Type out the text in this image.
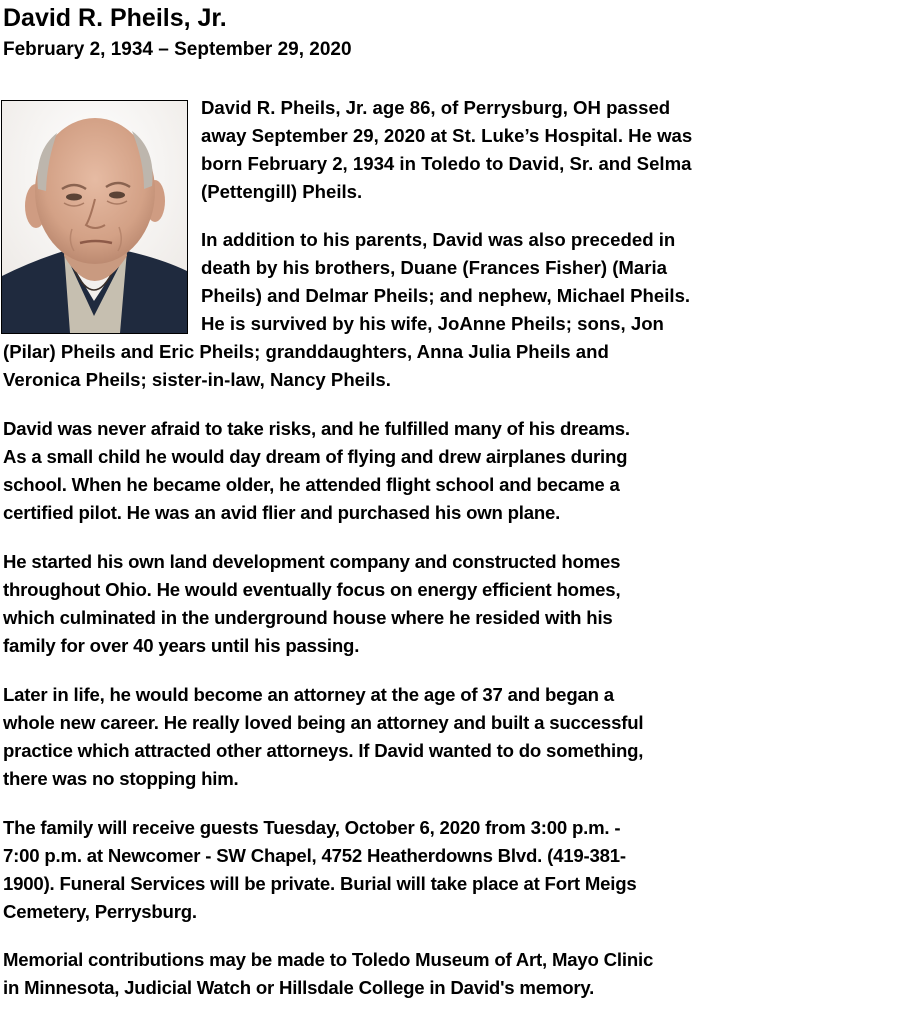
David R. Pheils, Jr.
February 2, 1934 – September 29, 2020

David R. Pheils, Jr. age 86, of Perrysburg, OH passed
away September 29, 2020 at St. Luke’s Hospital. He was
born February 2, 1934 in Toledo to David, Sr. and Selma
(Pettengill) Pheils.

In addition to his parents, David was also preceded in
death by his brothers, Duane (Frances Fisher) (Maria
Pheils) and Delmar Pheils; and nephew, Michael Pheils.
He is survived by his wife, JoAnne Pheils; sons, Jon
(Pilar) Pheils and Eric Pheils; granddaughters, Anna Julia Pheils and
Veronica Pheils; sister-in-law, Nancy Pheils.

David was never afraid to take risks, and he fulfilled many of his dreams.
As a small child he would day dream of flying and drew airplanes during
school. When he became older, he attended flight school and became a
certified pilot. He was an avid flier and purchased his own plane.

He started his own land development company and constructed homes
throughout Ohio. He would eventually focus on energy efficient homes,
which culminated in the underground house where he resided with his
family for over 40 years until his passing.

Later in life, he would become an attorney at the age of 37 and began a
whole new career. He really loved being an attorney and built a successful
practice which attracted other attorneys. If David wanted to do something,
there was no stopping him.

The family will receive guests Tuesday, October 6, 2020 from 3:00 p.m. -
7:00 p.m. at Newcomer - SW Chapel, 4752 Heatherdowns Blvd. (419-381-
1900). Funeral Services will be private. Burial will take place at Fort Meigs
Cemetery, Perrysburg.

Memorial contributions may be made to Toledo Museum of Art, Mayo Clinic
in Minnesota, Judicial Watch or Hillsdale College in David's memory.
